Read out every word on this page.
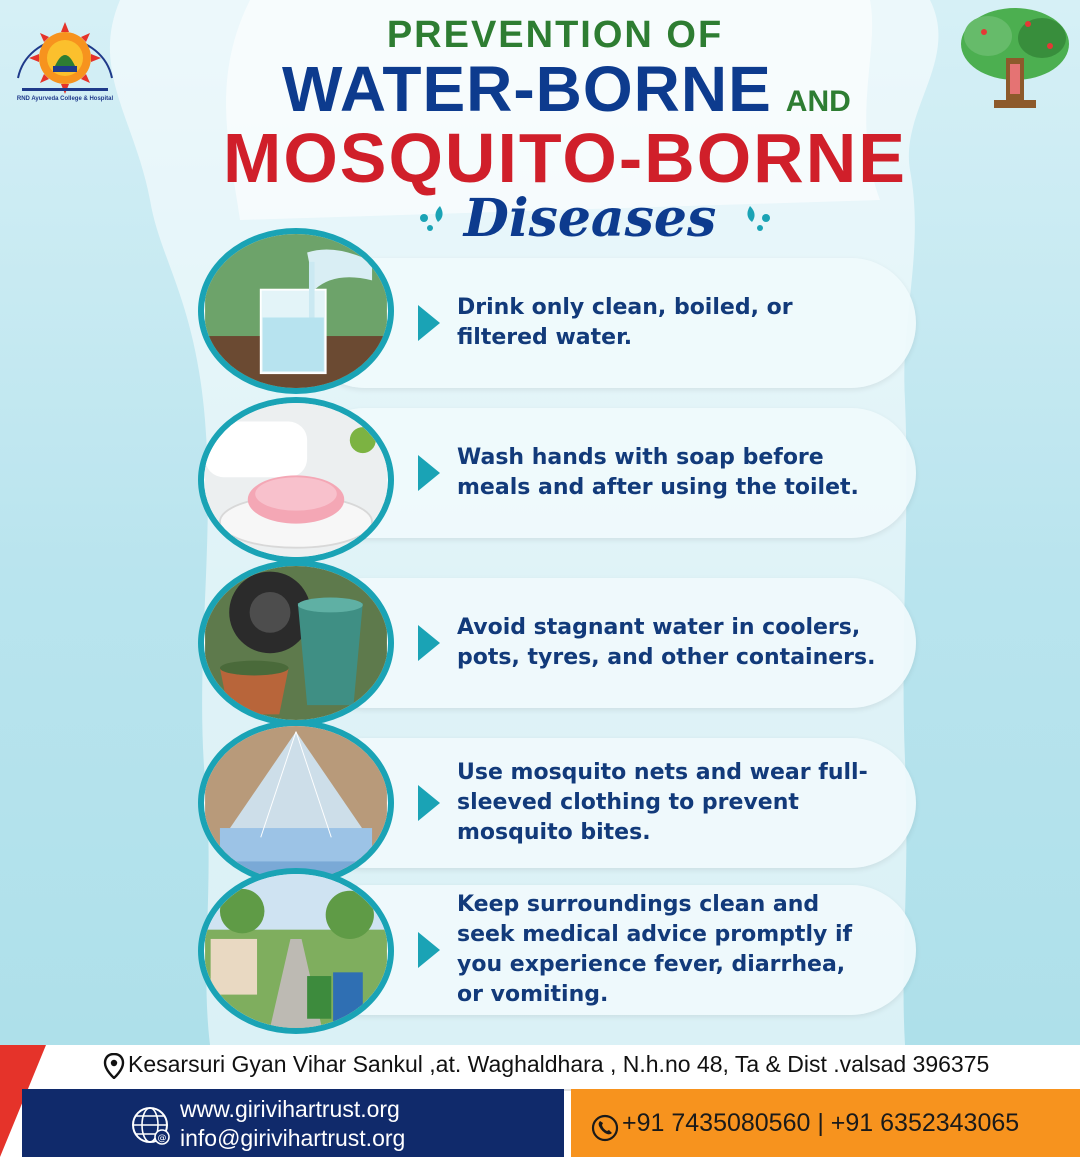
RND Ayurveda College & Hospital
PREVENTION OF
WATER-BORNE AND
MOSQUITO-BORNE
Diseases
Drink only clean, boiled, or filtered water.
Wash hands with soap before meals and after using the toilet.
Avoid stagnant water in coolers, pots, tyres, and other containers.
Use mosquito nets and wear full-sleeved clothing to prevent mosquito bites.
Keep surroundings clean and seek medical advice promptly if you experience fever, diarrhea, or vomiting.
Kesarsuri Gyan Vihar Sankul ,at. Waghaldhara , N.h.no 48, Ta & Dist .valsad 396375
@
www.girivihartrust.org
info@girivihartrust.org
+91 7435080560 | +91 6352343065
